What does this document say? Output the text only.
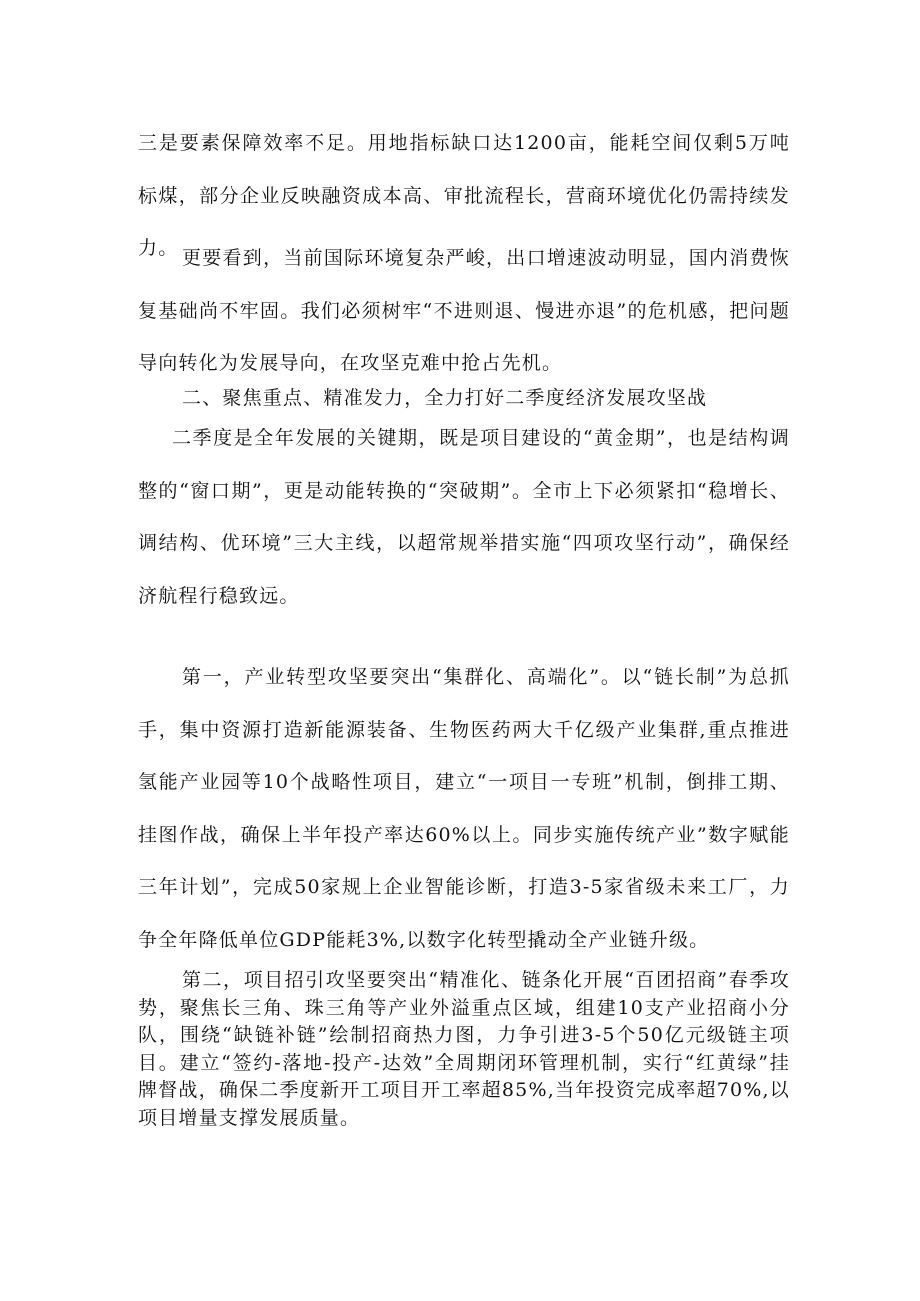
三是要素保障效率不足。用地指标缺口达1200亩，能耗空间仅剩5万吨标煤，部分企业反映融资成本高、审批流程长，营商环境优化仍需持续发力。 更要看到，当前国际环境复杂严峻，出口增速波动明显，国内消费恢复基础尚不牢固。我们必须树牢“不进则退、慢进亦退”的危机感，把问题导向转化为发展导向，在攻坚克难中抢占先机。

二、聚焦重点、精准发力，全力打好二季度经济发展攻坚战

二季度是全年发展的关键期，既是项目建设的“黄金期”，也是结构调整的“窗口期”，更是动能转换的“突破期”。全市上下必须紧扣“稳增长、调结构、优环境”三大主线，以超常规举措实施“四项攻坚行动”，确保经济航程行稳致远。

第一，产业转型攻坚要突出“集群化、高端化”。以“链长制”为总抓手，集中资源打造新能源装备、生物医药两大千亿级产业集群,重点推进氢能产业园等10个战略性项目，建立“一项目一专班”机制，倒排工期、挂图作战，确保上半年投产率达60%以上。同步实施传统产业”数字赋能三年计划”，完成50家规上企业智能诊断，打造3-5家省级未来工厂，力争全年降低单位GDP能耗3%,以数字化转型撬动全产业链升级。

第二，项目招引攻坚要突出“精准化、链条化开展“百团招商”春季攻势，聚焦长三角、珠三角等产业外溢重点区域，组建10支产业招商小分队，围绕“缺链补链”绘制招商热力图，力争引进3-5个50亿元级链主项目。建立“签约-落地-投产-达效”全周期闭环管理机制，实行“红黄绿”挂牌督战，确保二季度新开工项目开工率超85%,当年投资完成率超70%,以项目增量支撑发展质量。
